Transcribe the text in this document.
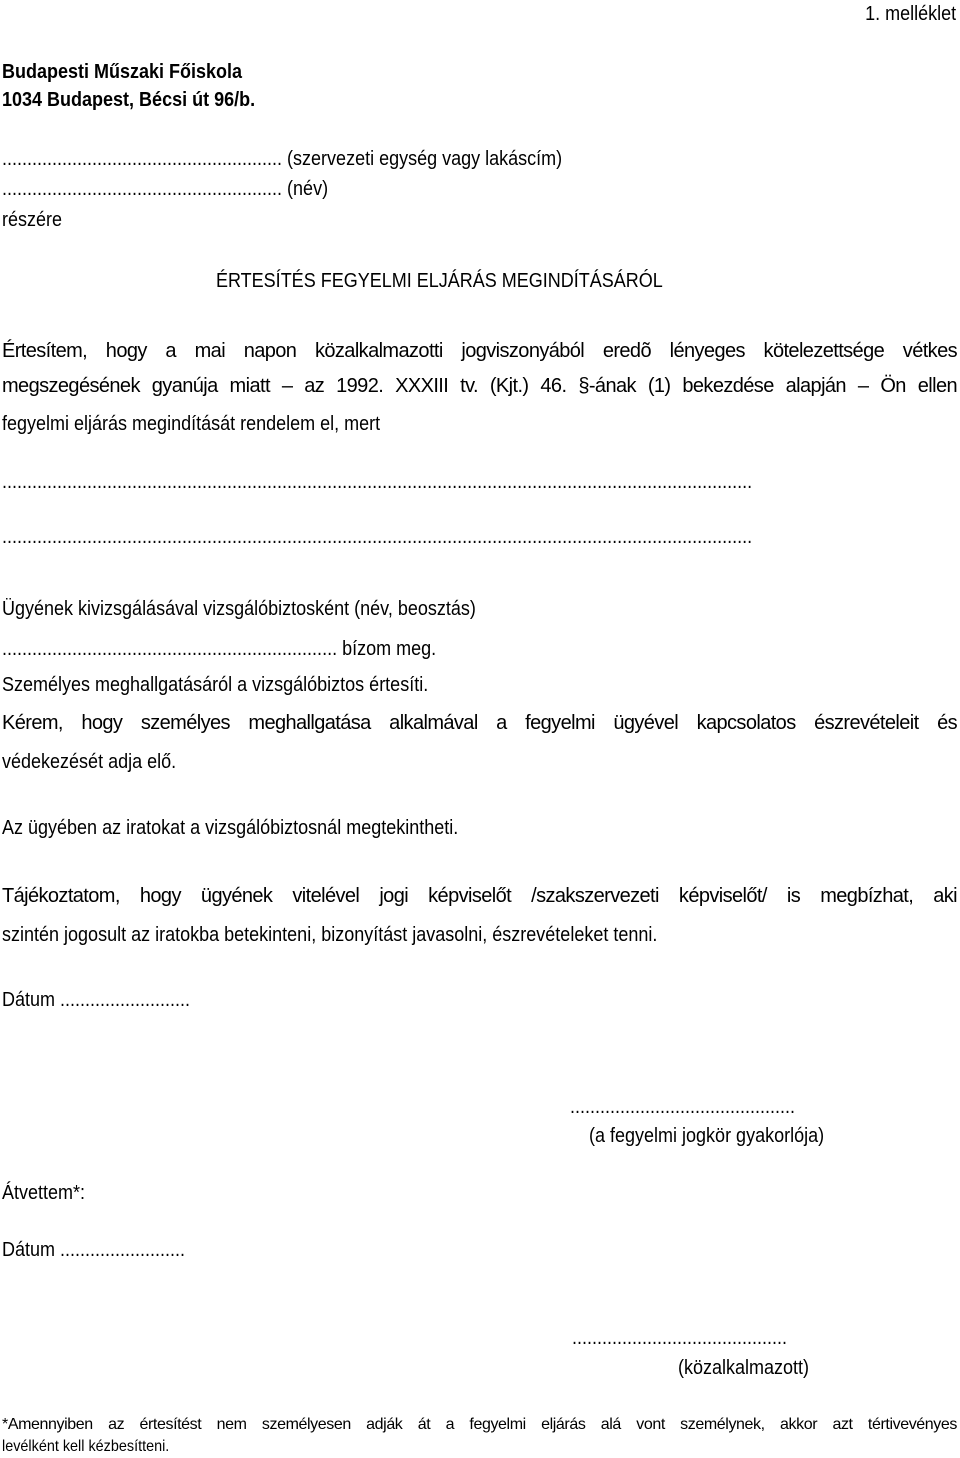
1. melléklet
Budapesti Műszaki Főiskola
1034 Budapest, Bécsi út 96/b.
........................................................ (szervezeti egység vagy lakáscím)
........................................................ (név)
részére
ÉRTESÍTÉS FEGYELMI ELJÁRÁS MEGINDÍTÁSÁRÓL
Értesítem, hogy a mai napon közalkalmazotti jogviszonyából eredõ lényeges kötelezettsége vétkes
megszegésének gyanúja miatt – az 1992. XXXIII tv. (Kjt.) 46. §-ának (1) bekezdése alapján – Ön ellen
fegyelmi eljárás megindítását rendelem el, mert
......................................................................................................................................................
......................................................................................................................................................
Ügyének kivizsgálásával vizsgálóbiztosként (név, beosztás)
................................................................... bízom meg.
Személyes meghallgatásáról a vizsgálóbiztos értesíti.
Kérem, hogy személyes meghallgatása alkalmával a fegyelmi ügyével kapcsolatos észrevételeit és
védekezését adja elő.
Az ügyében az iratokat a vizsgálóbiztosnál megtekintheti.
Tájékoztatom, hogy ügyének vitelével jogi képviselőt /szakszervezeti képviselőt/ is megbízhat, aki
szintén jogosult az iratokba betekinteni, bizonyítást javasolni, észrevételeket tenni.
Dátum ..........................
.............................................
(a fegyelmi jogkör gyakorlója)
Átvettem*:
Dátum .........................
...........................................
(közalkalmazott)
*Amennyiben az értesítést nem személyesen adják át a fegyelmi eljárás alá vont személynek, akkor azt tértivevényes
levélként kell kézbesítteni.
